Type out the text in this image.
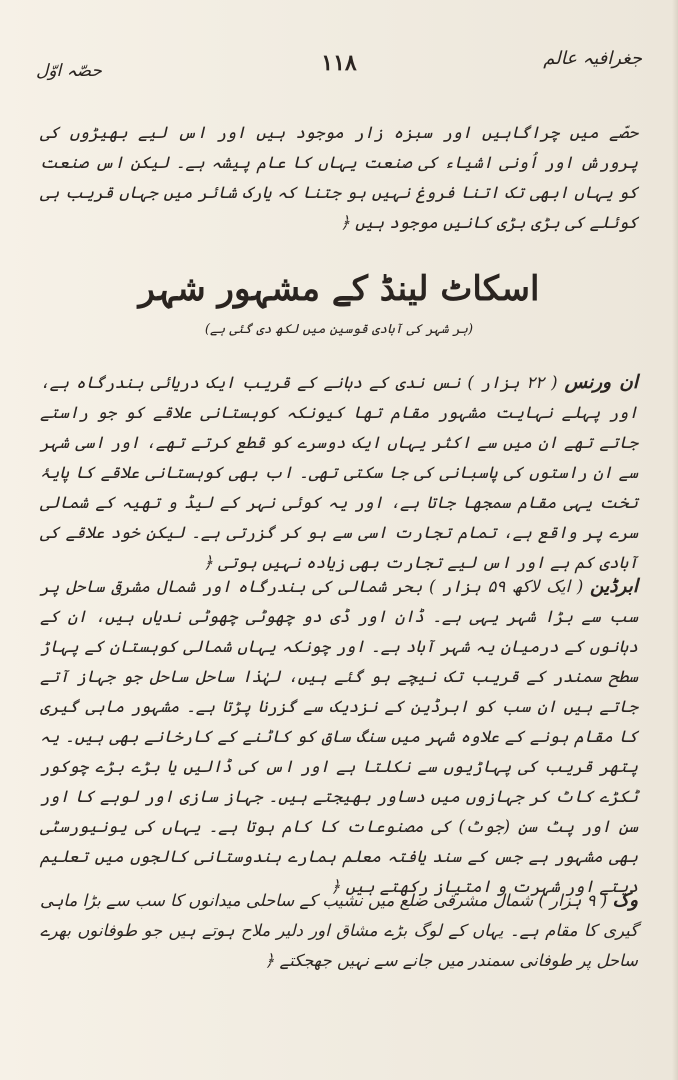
جغرافیہ عالم
۱۱۸
حصّہ اوّل
حصّے میں چراگاہیں اور سبزہ زار موجود ہیں اور اس لیے بھیڑوں کی پرورش اور اُونی اشیاء کی صنعت یہاں کا عام پیشہ ہے۔ لیکن اس صنعت کو یہاں ابھی تک اتنا فروغ نہیں ہو جتنا کہ یارک شائر میں جہاں قریب ہی کوئلے کی بڑی بڑی کانیں موجود ہیں ﴿
اسکاٹ لینڈ کے مشہور شہر
(ہر شہر کی آبادی قوسین میں لکھ دی گئی ہے)
ان ورنس ( ۲۲ ہزار ) نس ندی کے دہانے کے قریب ایک دریائی بندرگاہ ہے، اور پہلے نہایت مشہور مقام تھا کیونکہ کوہستانی علاقے کو جو راستے جاتے تھے ان میں سے اکثر یہاں ایک دوسرے کو قطع کرتے تھے، اور اسی شہر سے ان راستوں کی پاسبانی کی جا سکتی تھی۔ اب بھی کوہستانی علاقے کا پایۂ تخت یہی مقام سمجھا جاتا ہے، اور یہ کوئی نہر کے لیڈ و تھیہ کے شمالی سرے پر واقع ہے، تمام تجارت اسی سے ہو کر گزرتی ہے۔ لیکن خود علاقے کی آبادی کم ہے اور اس لیے تجارت بھی زیادہ نہیں ہوتی ﴿
ابرڈین ( ایک لاکھ ۵۹ ہزار ) بحر شمالی کی بندرگاہ اور شمال مشرقی ساحل پر سب سے بڑا شہر یہی ہے۔ ڈان اور ڈی دو چھوٹی چھوٹی ندیاں ہیں، ان کے دہانوں کے درمیان یہ شہر آباد ہے۔ اور چونکہ یہاں شمالی کوہستان کے پہاڑ سطح سمندر کے قریب تک نیچے ہو گئے ہیں، لہٰذا ساحل ساحل جو جہاز آتے جاتے ہیں ان سب کو ابرڈین کے نزدیک سے گزرنا پڑتا ہے۔ مشہور ماہی گیری کا مقام ہونے کے علاوہ شہر میں سنگ ساق کو کاٹنے کے کارخانے بھی ہیں۔ یہ پتھر قریب کی پہاڑیوں سے نکلتا ہے اور اس کی ڈالیں یا بڑے بڑے چوکور ٹکڑے کاٹ کر جہازوں میں دساور بھیجتے ہیں۔ جہاز سازی اور لوہے کا اور سن اور پٹ سن (جوٹ) کی مصنوعات کا کام ہوتا ہے۔ یہاں کی یونیورسٹی بھی مشہور ہے جس کے سند یافتہ معلم ہمارے ہندوستانی کالجوں میں تعلیم دیتے اور شہرت و امتیاز رکھتے ہیں ﴿
وک ( ۹ ہزار ) شمال مشرقی ضلع میں نشیب کے ساحلی میدانوں کا سب سے بڑا ماہی گیری کا مقام ہے۔ یہاں کے لوگ بڑے مشاق اور دلیر ملاح ہوتے ہیں جو طوفانوں بھرے ساحل پر طوفانی سمندر میں جانے سے نہیں جھجکتے ﴿
